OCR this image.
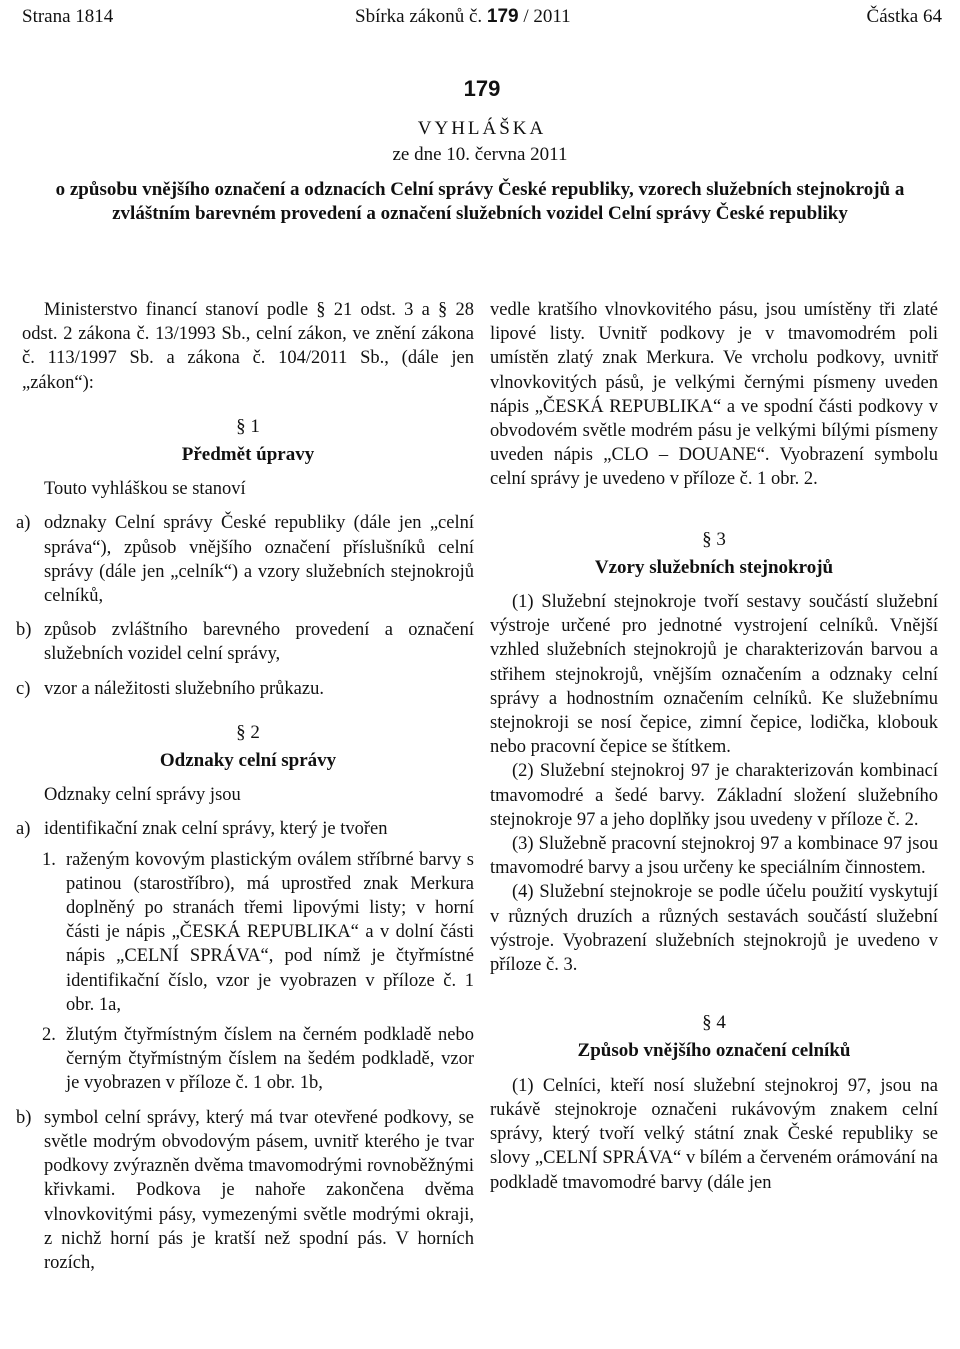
Strana 1814	Sbírka zákonů č. 179 / 2011	Částka 64
179
VYHLÁŠKA
ze dne 10. června 2011
o způsobu vnějšího označení a odznacích Celní správy České republiky, vzorech služebních stejnokrojů a zvláštním barevném provedení a označení služebních vozidel Celní správy České republiky

Ministerstvo financí stanoví podle § 21 odst. 3 a § 28 odst. 2 zákona č. 13/1993 Sb., celní zákon, ve znění zákona č. 113/1997 Sb. a zákona č. 104/2011 Sb., (dále jen „zákon“):

§ 1
Předmět úpravy

Touto vyhláškou se stanoví

a) odznaky Celní správy České republiky (dále jen „celní správa“), způsob vnějšího označení příslušníků celní správy (dále jen „celník“) a vzory služebních stejnokrojů celníků,
b) způsob zvláštního barevného provedení a označení služebních vozidel celní správy,
c) vzor a náležitosti služebního průkazu.
§ 2
Odznaky celní správy

Odznaky celní správy jsou

a) identifikační znak celní správy, který je tvořen
1. raženým kovovým plastickým oválem stříbrné barvy s patinou (starostříbro), má uprostřed znak Merkura doplněný po stranách třemi lipovými listy; v horní části je nápis „ČESKÁ REPUBLIKA“ a v dolní části nápis „CELNÍ SPRÁVA“, pod nímž je čtyřmístné identifikační číslo, vzor je vyobrazen v příloze č. 1 obr. 1a,
2. žlutým čtyřmístným číslem na černém podkladě nebo černým čtyřmístným číslem na šedém podkladě, vzor je vyobrazen v příloze č. 1 obr. 1b,
b) symbol celní správy, který má tvar otevřené podkovy, se světle modrým obvodovým pásem, uvnitř kterého je tvar podkovy zvýrazněn dvěma tmavomodrými rovnoběžnými křivkami. Podkova je nahoře zakončena dvěma vlnovkovitými pásy, vymezenými světle modrými okraji, z nichž horní pás je kratší než spodní pás. V horních rozích,

vedle kratšího vlnovkovitého pásu, jsou umístěny tři zlaté lipové listy. Uvnitř podkovy je v tmavomodrém poli umístěn zlatý znak Merkura. Ve vrcholu podkovy, uvnitř vlnovkovitých pásů, je velkými černými písmeny uveden nápis „ČESKÁ REPUBLIKA“ a ve spodní části podkovy v obvodovém světle modrém pásu je velkými bílými písmeny uveden nápis „CLO – DOUANE“. Vyobrazení symbolu celní správy je uvedeno v příloze č. 1 obr. 2.

§ 3
Vzory služebních stejnokrojů

(1) Služební stejnokroje tvoří sestavy součástí služební výstroje určené pro jednotné vystrojení celníků. Vnější vzhled služebních stejnokrojů je charakterizován barvou a střihem stejnokrojů, vnějším označením a odznaky celní správy a hodnostním označením celníků. Ke služebnímu stejnokroji se nosí čepice, zimní čepice, lodička, klobouk nebo pracovní čepice se štítkem.

(2) Služební stejnokroj 97 je charakterizován kombinací tmavomodré a šedé barvy. Základní složení služebního stejnokroje 97 a jeho doplňky jsou uvedeny v příloze č. 2.

(3) Služebně pracovní stejnokroj 97 a kombinace 97 jsou tmavomodré barvy a jsou určeny ke speciálním činnostem.

(4) Služební stejnokroje se podle účelu použití vyskytují v různých druzích a různých sestavách součástí služební výstroje. Vyobrazení služebních stejnokrojů je uvedeno v příloze č. 3.

§ 4
Způsob vnějšího označení celníků

(1) Celníci, kteří nosí služební stejnokroj 97, jsou na rukávě stejnokroje označeni rukávovým znakem celní správy, který tvoří velký státní znak České republiky se slovy „CELNÍ SPRÁVA“ v bílém a červeném orámování na podkladě tmavomodré barvy (dále jen
